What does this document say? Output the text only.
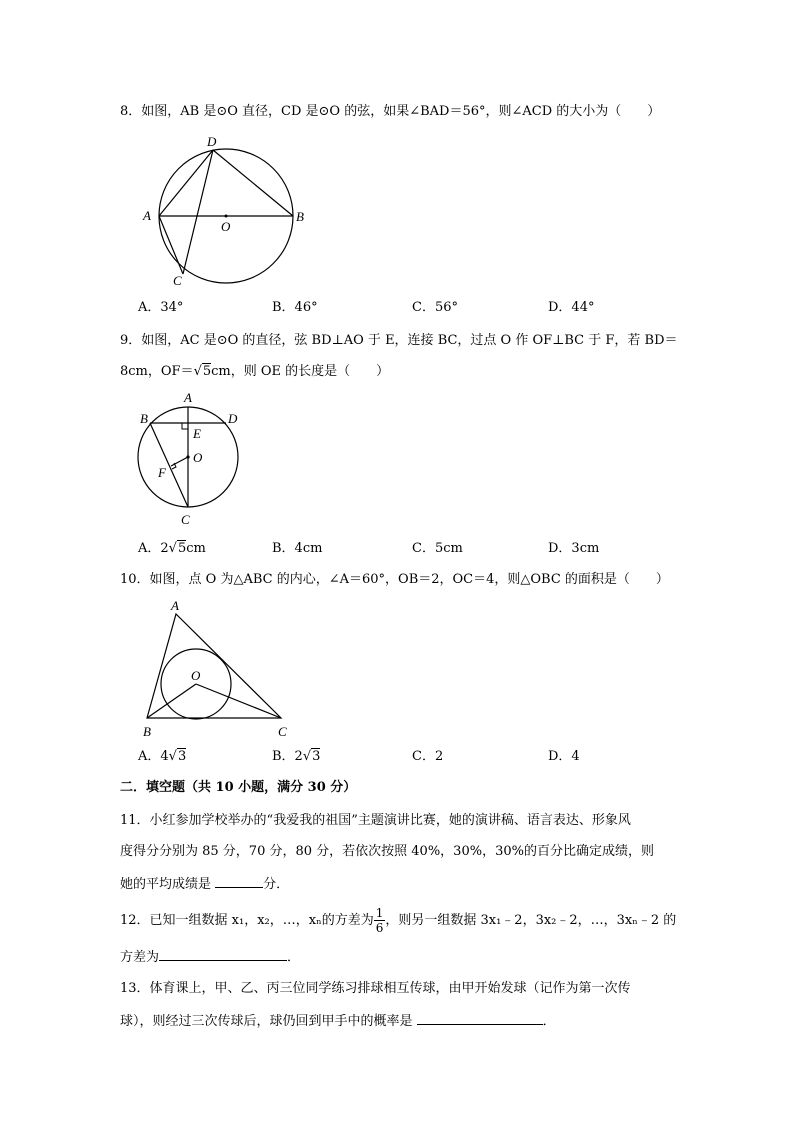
8．如图，AB 是⊙O 直径，CD 是⊙O 的弦，如果∠BAD＝56°，则∠ACD 的大小为（　　）
A	B
C
D
O
A．34°	B．46°	C．56°	D．44°
9．如图，AC 是⊙O 的直径，弦 BD⊥AO 于 E，连接 BC，过点 O 作 OF⊥BC 于 F，若 BD＝
8cm，OF＝√5cm，则 OE 的长度是（　　）
A
B
C
D
E
F
O
A．2√5cm	B．4cm	C．5cm	D．3cm
10．如图，点 O 为△ABC 的内心，∠A＝60°，OB＝2，OC＝4，则△OBC 的面积是（　　）
A
B	C
O
A．4√3	B．2√3	C．2	D．4
二．填空题（共 10 小题，满分 30 分）
11．小红参加学校举办的“我爱我的祖国”主题演讲比赛，她的演讲稿、语言表达、形象风
度得分分别为 85 分，70 分，80 分，若依次按照 40%，30%，30%的百分比确定成绩，则
她的平均成绩是	分．
12．已知一组数据 x₁，x₂，…，xₙ的方差为 $\frac{1}{6}$ ，则另一组数据 3x₁﹣2，3x₂﹣2，…，3xₙ﹣2 的
方差为	．
13．体育课上，甲、乙、丙三位同学练习排球相互传球，由甲开始发球（记作为第一次传
球），则经过三次传球后，球仍回到甲手中的概率是	．
